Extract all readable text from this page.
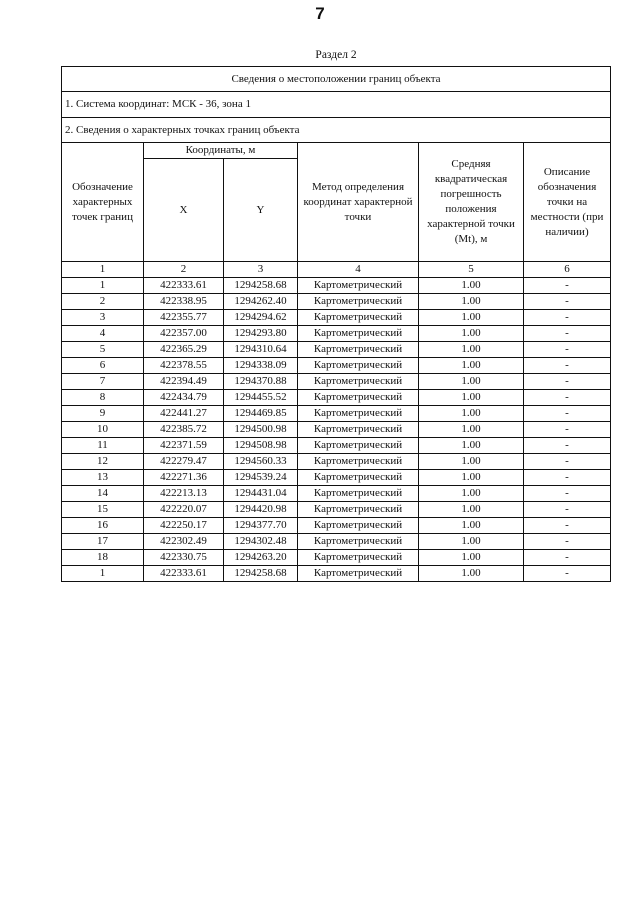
7
Раздел 2
Сведения о местоположении границ объекта					
1. Система координат: МСК - 36, зона 1					
2. Сведения о характерных точках границ объекта					
Обозначение характерных точек границ	Координаты, м		Метод определения координат характерной точки	Средняя квадратическая погрешность положения характерной точки (Mt), м	Описание обозначения точки на местности (при наличии)
	X	Y			
1	2	3	4	5	6
1	422333.61	1294258.68	Картометрический	1.00	-
2	422338.95	1294262.40	Картометрический	1.00	-
3	422355.77	1294294.62	Картометрический	1.00	-
4	422357.00	1294293.80	Картометрический	1.00	-
5	422365.29	1294310.64	Картометрический	1.00	-
6	422378.55	1294338.09	Картометрический	1.00	-
7	422394.49	1294370.88	Картометрический	1.00	-
8	422434.79	1294455.52	Картометрический	1.00	-
9	422441.27	1294469.85	Картометрический	1.00	-
10	422385.72	1294500.98	Картометрический	1.00	-
11	422371.59	1294508.98	Картометрический	1.00	-
12	422279.47	1294560.33	Картометрический	1.00	-
13	422271.36	1294539.24	Картометрический	1.00	-
14	422213.13	1294431.04	Картометрический	1.00	-
15	422220.07	1294420.98	Картометрический	1.00	-
16	422250.17	1294377.70	Картометрический	1.00	-
17	422302.49	1294302.48	Картометрический	1.00	-
18	422330.75	1294263.20	Картометрический	1.00	-
1	422333.61	1294258.68	Картометрический	1.00	-
